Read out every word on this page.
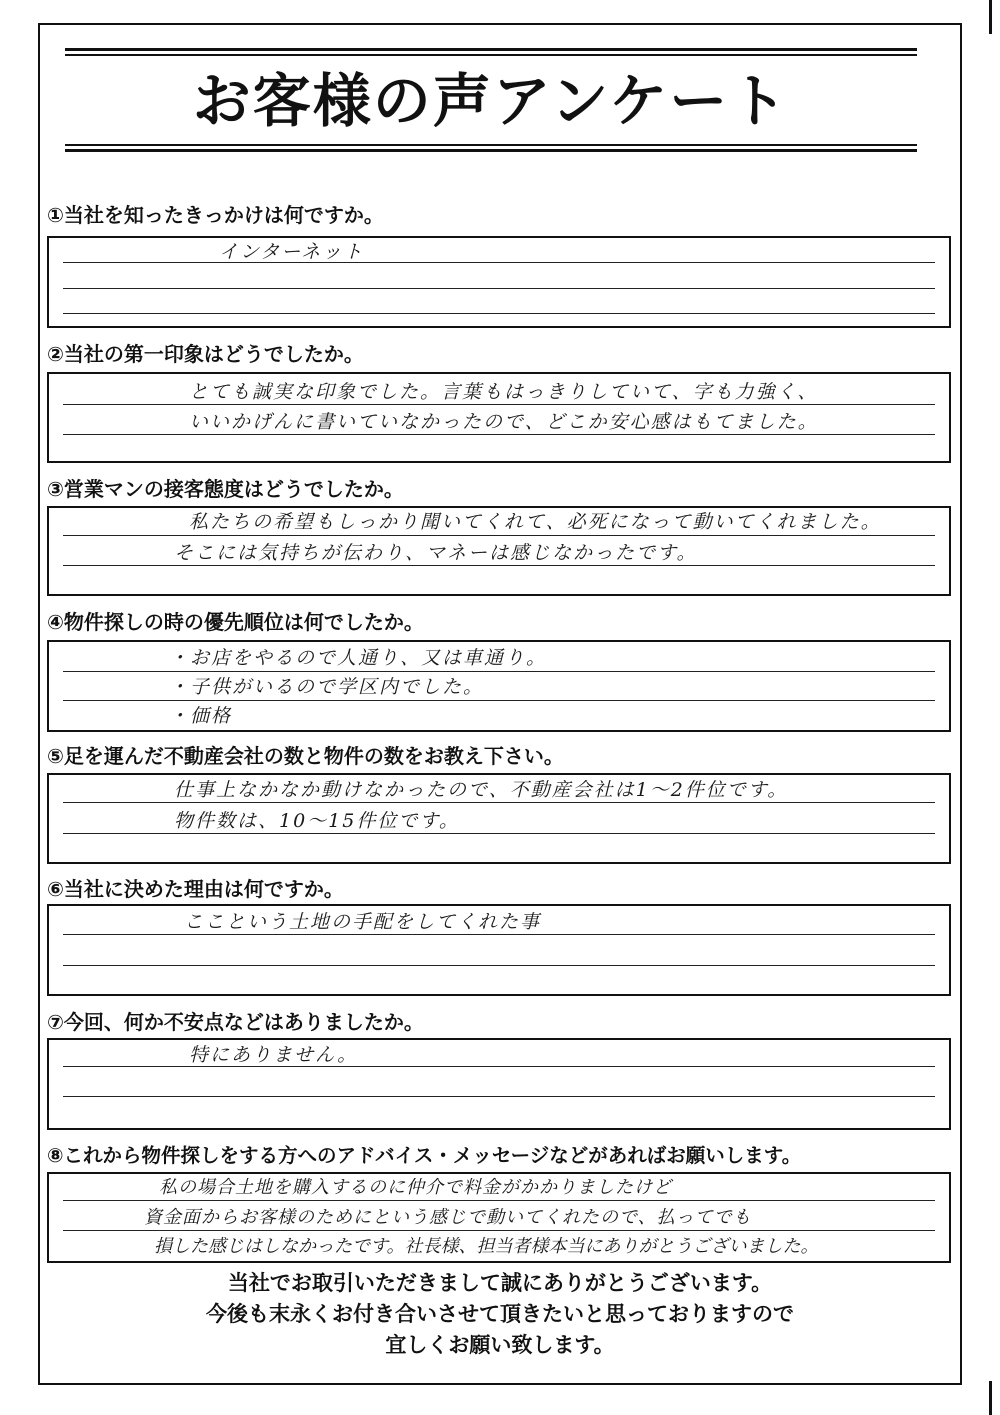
お客様の声アンケート
①当社を知ったきっかけは何ですか。
インターネット
②当社の第一印象はどうでしたか。
とても誠実な印象でした。言葉もはっきりしていて、字も力強く、
いいかげんに書いていなかったので、どこか安心感はもてました。
③営業マンの接客態度はどうでしたか。
私たちの希望もしっかり聞いてくれて、必死になって動いてくれました。
そこには気持ちが伝わり、マネーは感じなかったです。
④物件探しの時の優先順位は何でしたか。
・お店をやるので人通り、又は車通り。
・子供がいるので学区内でした。
・価格
⑤足を運んだ不動産会社の数と物件の数をお教え下さい。
仕事上なかなか動けなかったので、不動産会社は1〜2件位です。
物件数は、10〜15件位です。
⑥当社に決めた理由は何ですか。
ここという土地の手配をしてくれた事
⑦今回、何か不安点などはありましたか。
特にありません。
⑧これから物件探しをする方へのアドバイス・メッセージなどがあればお願いします。
私の場合土地を購入するのに仲介で料金がかかりましたけど
資金面からお客様のためにという感じで動いてくれたので、払ってでも
損した感じはしなかったです。社長様、担当者様本当にありがとうございました。
当社でお取引いただきまして誠にありがとうございます。
今後も末永くお付き合いさせて頂きたいと思っておりますので
宜しくお願い致します。
